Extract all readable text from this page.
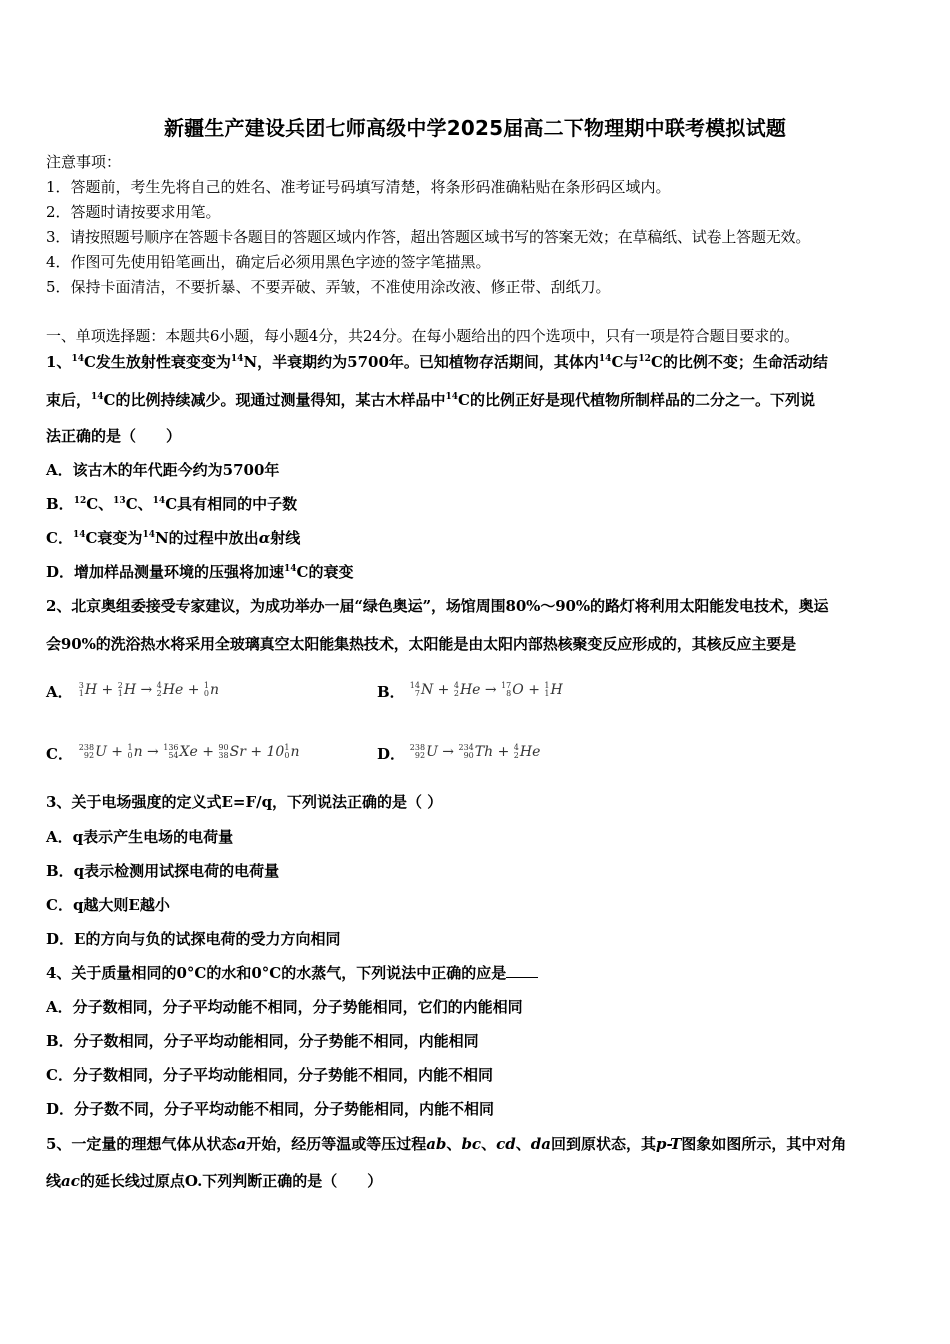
新疆生产建设兵团七师高级中学2025届高二下物理期中联考模拟试题
注意事项：
1．答题前，考生先将自己的姓名、准考证号码填写清楚，将条形码准确粘贴在条形码区域内。
2．答题时请按要求用笔。
3．请按照题号顺序在答题卡各题目的答题区域内作答，超出答题区域书写的答案无效；在草稿纸、试卷上答题无效。
4．作图可先使用铅笔画出，确定后必须用黑色字迹的签字笔描黑。
5．保持卡面清洁，不要折暴、不要弄破、弄皱，不准使用涂改液、修正带、刮纸刀。
一、单项选择题：本题共6小题，每小题4分，共24分。在每小题给出的四个选项中，只有一项是符合题目要求的。
1、$^{14}$C发生放射性衰变变为$^{14}$N，半衰期约为5700年。已知植物存活期间，其体内$^{14}$C与$^{12}$C的比例不变；生命活动结
束后，$^{14}$C的比例持续减少。现通过测量得知，某古木样品中$^{14}$C的比例正好是现代植物所制样品的二分之一。下列说
法正确的是（　　）
A．该古木的年代距今约为5700年
B．$^{12}$C、$^{13}$C、$^{14}$C具有相同的中子数
C．$^{14}$C衰变为$^{14}$N的过程中放出α射线
D．增加样品测量环境的压强将加速$^{14}$C的衰变
2、北京奥组委接受专家建议，为成功举办一届“绿色奥运”，场馆周围80%～90%的路灯将利用太阳能发电技术，奥运
会90%的洗浴热水将采用全玻璃真空太阳能集热技术，太阳能是由太阳内部热核聚变反应形成的，其核反应主要是
A． 3
1 H + 2
1 H → 4
2 He + 1
0 n	B． 14
7 N + 4
2 He → 17
8 O + 1
1 H
C． 238
92 U + 1
0 n → 136
54 Xe + 90
38 Sr + 10 1
0 n	D． 238
92 U → 234
90 Th + 4
2 He
3、关于电场强度的定义式E=F/q，下列说法正确的是（ ）
A．q表示产生电场的电荷量
B．q表示检测用试探电荷的电荷量
C．q越大则E越小
D．E的方向与负的试探电荷的受力方向相同
4、关于质量相同的0°C的水和0°C的水蒸气，下列说法中正确的应是
A．分子数相同，分子平均动能不相同，分子势能相同，它们的内能相同
B．分子数相同，分子平均动能相同，分子势能不相同，内能相同
C．分子数相同，分子平均动能相同，分子势能不相同，内能不相同
D．分子数不同，分子平均动能不相同，分子势能相同，内能不相同
5、一定量的理想气体从状态a开始，经历等温或等压过程ab、bc、cd、da回到原状态，其p-T图象如图所示，其中对角
线ac的延长线过原点O.下列判断正确的是（　　）
